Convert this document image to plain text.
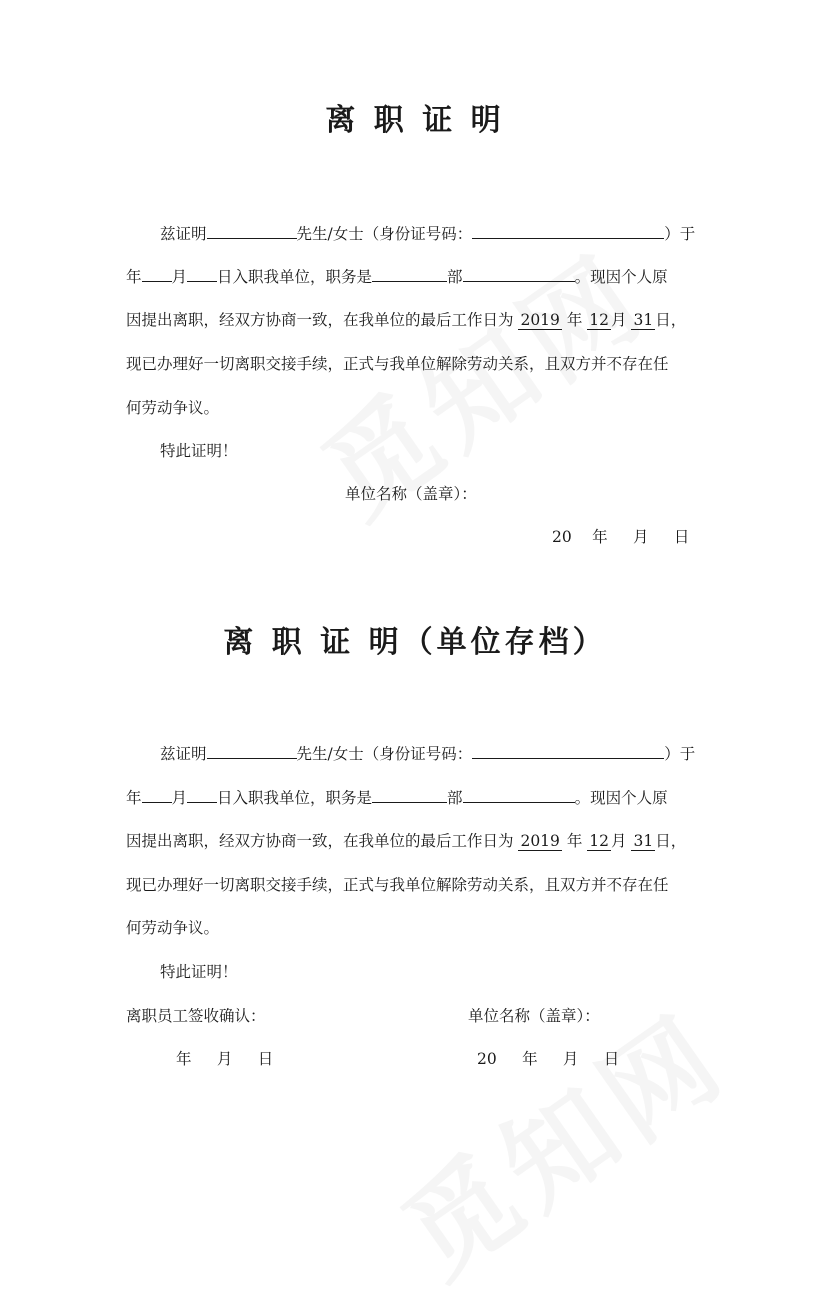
离 职 证 明
兹证明	先生/女士（身份证号码：	）于
年 月 日入职我单位，职务是	部	。现因个人原
因提出离职，经双方协商一致，在我单位的最后工作日为 2019 年 12 月 31 日，
现已办理好一切离职交接手续，正式与我单位解除劳动关系，且双方并不存在任
何劳动争议。
特此证明！
单位名称（盖章）：
20　 年 　 月 　 日
离 职 证 明（单位存档）
兹证明	先生/女士（身份证号码：	）于
年 月 日入职我单位，职务是	部	。现因个人原
因提出离职，经双方协商一致，在我单位的最后工作日为 2019 年 12 月 31 日，
现已办理好一切离职交接手续，正式与我单位解除劳动关系，且双方并不存在任
何劳动争议。
特此证明！
离职员工签收确认：	单位名称（盖章）：
年 　 月 　 日	20 　 年 　 月 　 日
